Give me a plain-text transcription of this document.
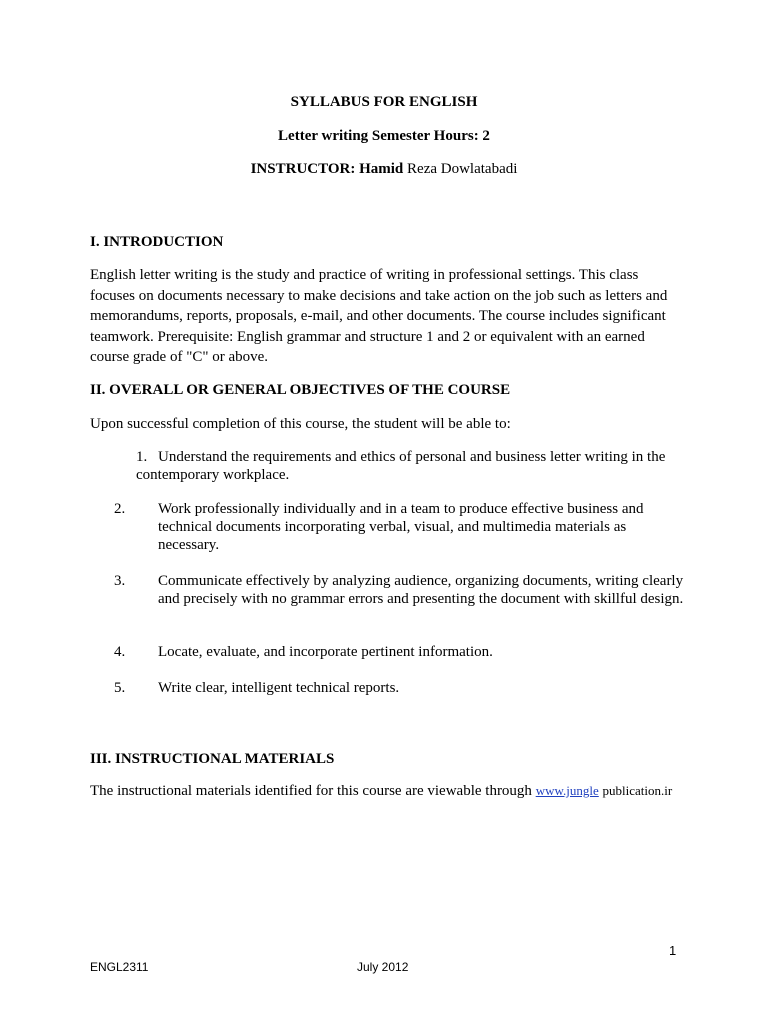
SYLLABUS FOR ENGLISH
Letter writing Semester Hours: 2
INSTRUCTOR: Hamid Reza Dowlatabadi
I. INTRODUCTION
English letter writing is the study and practice of writing in professional settings. This class
focuses on documents necessary to make decisions and take action on the job such as letters and
memorandums, reports, proposals, e-mail, and other documents. The course includes significant
teamwork. Prerequisite: English grammar and structure 1 and 2 or equivalent with an earned
course grade of "C" or above.
II. OVERALL OR GENERAL OBJECTIVES OF THE COURSE
Upon successful completion of this course, the student will be able to:
1. Understand the requirements and ethics of personal and business letter writing in the contemporary workplace.
2. Work professionally individually and in a team to produce effective business and technical documents incorporating verbal, visual, and multimedia materials as necessary.
3. Communicate effectively by analyzing audience, organizing documents, writing clearly and precisely with no grammar errors and presenting the document with skillful design.
4. Locate, evaluate, and incorporate pertinent information.
5. Write clear, intelligent technical reports.
III. INSTRUCTIONAL MATERIALS
The instructional materials identified for this course are viewable through www.jungle publication.ir
1
ENGL2311	July 2012
